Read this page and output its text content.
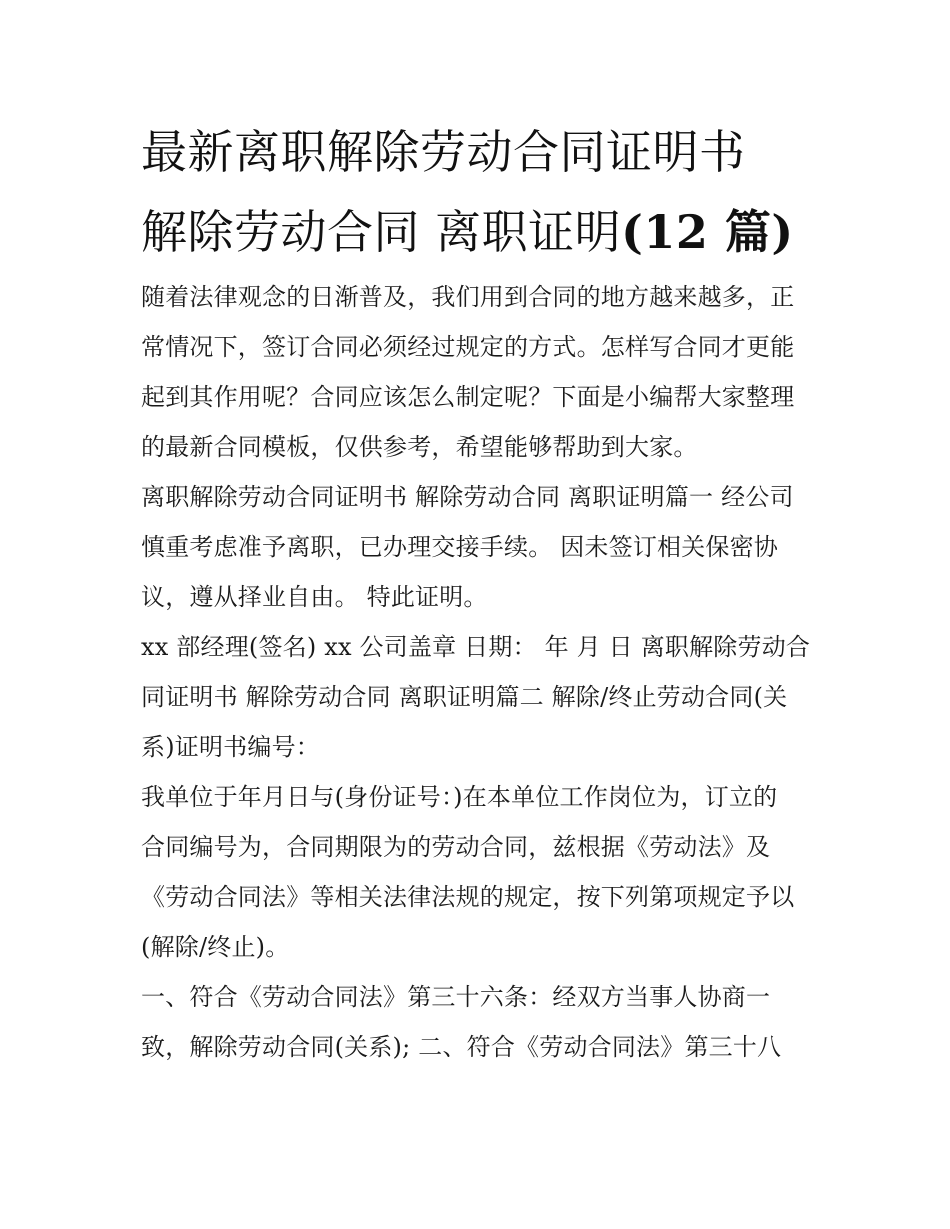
最新离职解除劳动合同证明书
解除劳动合同 离职证明(12 篇)

随着法律观念的日渐普及，我们用到合同的地方越来越多，正
常情况下，签订合同必须经过规定的方式。怎样写合同才更能
起到其作用呢？合同应该怎么制定呢？下面是小编帮大家整理
的最新合同模板，仅供参考，希望能够帮助到大家。

离职解除劳动合同证明书 解除劳动合同 离职证明篇一 经公司
慎重考虑准予离职，已办理交接手续。 因未签订相关保密协
议，遵从择业自由。 特此证明。

xx 部经理(签名) xx 公司盖章 日期： 年 月 日 离职解除劳动合
同证明书 解除劳动合同 离职证明篇二 解除/终止劳动合同(关
系)证明书编号：

我单位于年月日与(身份证号：)在本单位工作岗位为，订立的
合同编号为，合同期限为的劳动合同，兹根据《劳动法》及
《劳动合同法》等相关法律法规的规定，按下列第项规定予以
(解除/终止)。

一、符合《劳动合同法》第三十六条：经双方当事人协商一
致，解除劳动合同(关系); 二、符合《劳动合同法》第三十八
